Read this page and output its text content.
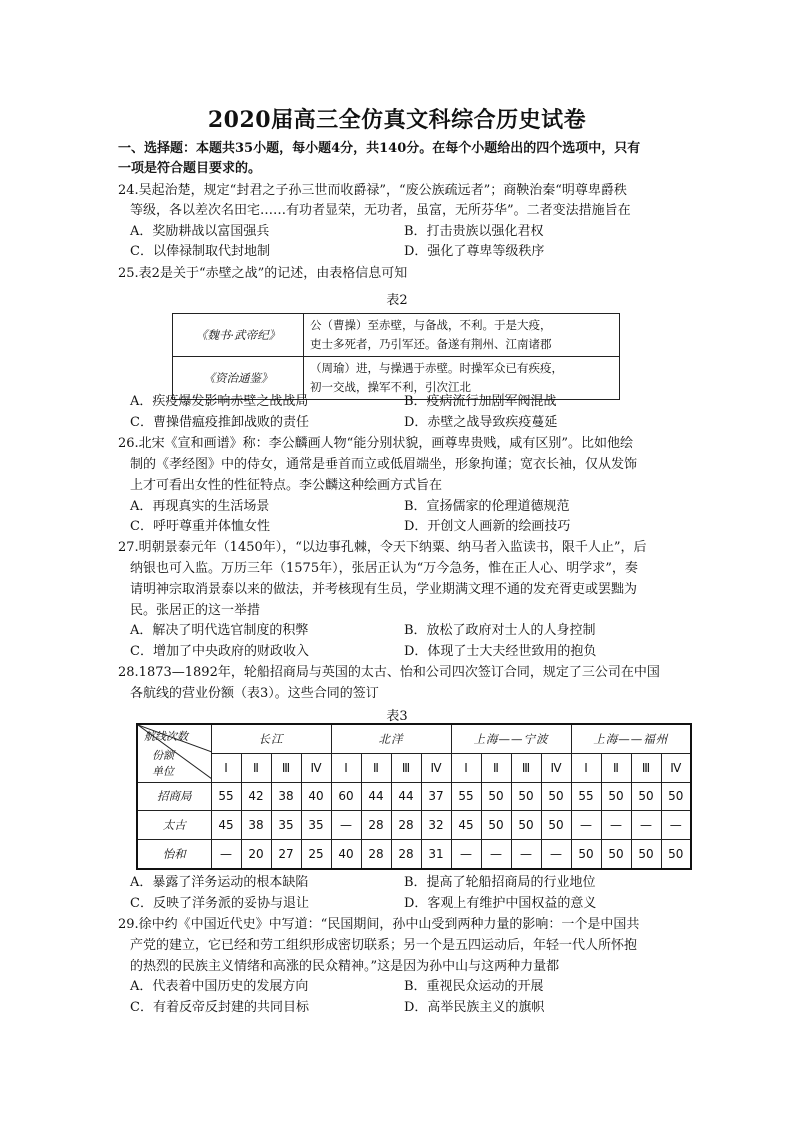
2020届高三全仿真文科综合历史试卷
一、选择题：本题共35小题，每小题4分，共140分。在每个小题给出的四个选项中，只有
一项是符合题目要求的。
24.吴起治楚，规定“封君之子孙三世而收爵禄”，“废公族疏远者”；商鞅治秦“明尊卑爵秩
等级，各以差次名田宅……有功者显荣，无功者，虽富，无所芬华”。二者变法措施旨在
A．奖励耕战以富国强兵	B．打击贵族以强化君权
C．以俸禄制取代封地制	D．强化了尊卑等级秩序
25.表2是关于“赤壁之战”的记述，由表格信息可知
表2
《魏书·武帝纪》	公（曹操）至赤壁，与备战，不利。于是大疫，
吏士多死者，乃引军还。备遂有荆州、江南诸郡

《资治通鉴》	（周瑜）进，与操遇于赤壁。时操军众已有疾疫，
初一交战，操军不利，引次江北
A．疾疫爆发影响赤壁之战战局	B．疫病流行加剧军阀混战
C．曹操借瘟疫推卸战败的责任	D．赤壁之战导致疾疫蔓延
26.北宋《宣和画谱》称：李公麟画人物“能分别状貌，画尊卑贵贱，咸有区别”。比如他绘
制的《孝经图》中的侍女，通常是垂首而立或低眉端坐，形象拘谨；宽衣长袖，仅从发饰
上才可看出女性的性征特点。李公麟这种绘画方式旨在
A．再现真实的生活场景	B．宣扬儒家的伦理道德规范
C．呼吁尊重并体恤女性	D．开创文人画新的绘画技巧
27.明朝景泰元年（1450年），“以边事孔棘，令天下纳粟、纳马者入监读书，限千人止”，后
纳银也可入监。万历三年（1575年），张居正认为“万今急务，惟在正人心、明学求”，奏
请明神宗取消景泰以来的做法，并考核现有生员，学业期满文理不通的发充胥吏或罢黜为
民。张居正的这一举措
A．解决了明代选官制度的积弊	B．放松了政府对士人的人身控制
C．增加了中央政府的财政收入	D．体现了士大夫经世致用的抱负
28.1873—1892年，轮船招商局与英国的太古、怡和公司四次签订合同，规定了三公司在中国
各航线的营业份额（表3）。这些合同的签订
表3
航线次数
份额
单位	长江				北洋				上海——宁波				上海——福州			
	Ⅰ	Ⅱ	Ⅲ	Ⅳ	Ⅰ	Ⅱ	Ⅲ	Ⅳ	Ⅰ	Ⅱ	Ⅲ	Ⅳ	Ⅰ	Ⅱ	Ⅲ	Ⅳ
招商局	55	42	38	40	60	44	44	37	55	50	50	50	55	50	50	50
太古	45	38	35	35	—	28	28	32	45	50	50	50	—	—	—	—
怡和	—	20	27	25	40	28	28	31	—	—	—	—	50	50	50	50
A．暴露了洋务运动的根本缺陷	B．提高了轮船招商局的行业地位
C．反映了洋务派的妥协与退让	D．客观上有维护中国权益的意义
29.徐中约《中国近代史》中写道：“民国期间，孙中山受到两种力量的影响：一个是中国共
产党的建立，它已经和劳工组织形成密切联系；另一个是五四运动后，年轻一代人所怀抱
的热烈的民族主义情绪和高涨的民众精神。”这是因为孙中山与这两种力量都
A．代表着中国历史的发展方向	B．重视民众运动的开展
C．有着反帝反封建的共同目标	D．高举民族主义的旗帜
